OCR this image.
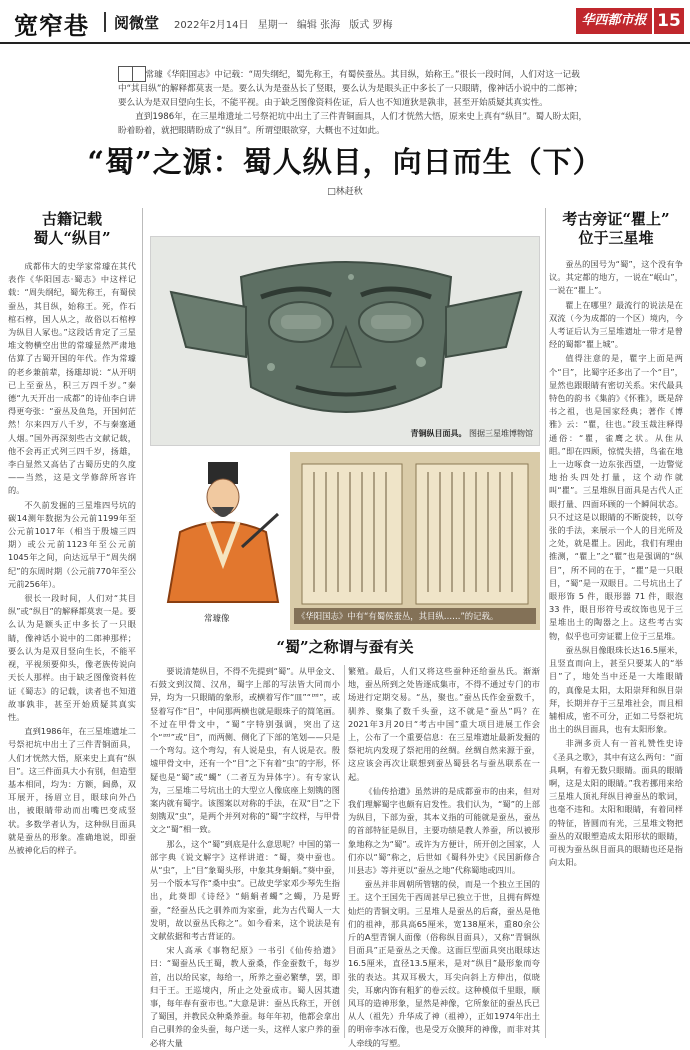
宽窄巷 阅微堂 2022年2月14日 星期一 编辑 张海 版式 罗梅	华西都市报 15

常璩《华阳国志》中记载：“周失纲纪，蜀先称王，有蜀侯蚕丛。其目纵，始称王。”很长一段时间，人们对这一记载中“其目纵”的解释都莫衷一是。要么认为是蚕丛长了竖眼，要么认为是眼头正中多长了一只眼睛，像神话小说中的二郎神；要么认为是双目望向生长，不能平视。由于缺乏图像资料佐证，后人也不知道狄是孰非，甚至开始质疑其真实性。

直到1986年，在三星堆遗址二号祭祀坑中出土了三件青铜面具，人们才恍然大悟，原来史上真有“纵目”。蜀人盼太阳，盼着盼着，就把眼睛盼成了“纵目”。所谓望眼欲穿，大概也不过如此。

“蜀”之源：蜀人纵目，向日而生（下）
□林赶秋
古籍记载
蜀人“纵目”

成都伟大的史学家常璩在其代表作《华阳国志·蜀志》中这样记载：“周失纲纪，蜀先称王，有蜀侯蚕丛，其目纵，始称王。死，作石棺石椁，国人从之，故俗以石棺椁为纵目人冢也。”这段话肯定了三星堆文物横空出世的常璩显然严肃地估算了古蜀开国的年代。作为常璩的老乡兼前辈，扬雄却说：“从开明已上至蚕丛，积三万四千岁。”秦德“九天开出一成都”的诗仙李白讲得更夸张：“蚕丛及鱼凫，开国何茫然！尔来四万八千岁，不与秦塞通人烟。”国外再深刻些古文献记载，他不会再正式列三四千岁，扬雄，李白显然又高估了古蜀历史的久度——当然，这是文学修辞所容许的。

不久前发掘的三星堆四号坑的碳14测年数据为公元前1199年至公元前1017年（相当于殷墟三四期）或公元前1123年至公元前1045年之间，向达远早于“周失纲纪”的东周时期（公元前770年至公元前256年）。

很长一段时间，人们对“其目纵”或“纵目”的解释都莫衷一是。要么认为是额头正中多长了一只眼睛，像神话小说中的二郎神那样；要么认为是双目竖向生长，不能平视，平视须要仰头，像老族传说向天长人那样。由于缺乏图像资料佐证《蜀志》的记载，读者也不知道故事孰非，甚至开始质疑其真实性。

直到1986年，在三星堆遗址二号祭祀坑中出土了三件青铜面具，人们才恍然大悟，原来史上真有“纵目”。这三件面具大小有别，但造型基本相同，均为：方额，阔鼻，双耳展开，扬眉立目，眼球向外凸出，被眼睛带动而出嘴巴变成竖状。多数学者认为，这种纵目面具就是蚕丛的形象。准确地说，即蚕丛被神化后的样子。

青铜纵目面具。 图据三星堆博物馆
常璩像	《华阳国志》中有“有蜀侯蚕丛，其目纵……”的记载。
“蜀”之称谓与蚕有关

要说清楚纵目，不得不先提到“蜀”。从甲金文、石鼓文到汉简、汉帛，蜀字上部的写法皆大同而小异，均为一只眼睛的象形，或横着写作“皿”“罒”，或竖着写作“目”，中间那两横也就是眼珠子的简笔画。不过在甲骨文中，“蜀”字特别强调，突出了这个“罒”或“目”，而两侧、侧化了下部的笔划——只是一个弯勾。这个弯勾，有人说是虫，有人说是衣。殷墟甲骨文中，还有一个“目”之下有着“虫”的字形，怀疑也是“蜀”或“蠋”（二者互为异体字）。有专家认为，三星堆二号坑出土的大型立人像底座上刻镌的图案内就有蜀字。该图案以对称的手法，在双“目”之下刻镌双“虫”，是两个并列对称的“蜀”字纹样，与甲骨文之“蜀”相一致。

那么，这个“蜀”到底是什么意思呢？中国的第一部字典《说文解字》这样讲道：“蜀，葵中蚕也。从“虫”，上“目”象蜀头形，中象其身蜎蜎。”葵中蚕，另一个版本写作“桑中虫”。已故史学家邓少琴先生指出，此葵即《诗经》“蜎蜎者蠋”之蠋，乃是野蚕，“经蚕丛氏之驯养而为家蚕，此为古代蜀人一大发明，故以蚕丛氏称之”。如今看来，这个说法是有文献依据和考古背证的。

宋人高承《事物纪原》一书引《仙传拾遗》曰：“蜀蚕丛氏王蜀，教人蚕桑，作金蚕数千，每岁首，出以给民家，每给一，所养之蚕必繁孳，罢，即归于王。王巡境内，所止之处蚕成市。蜀人因其遗事，每年春有蚕市也。”大意是讲：蚕丛氏称王，开创了蜀国，并教民众种桑养蚕。每年年初，他都会拿出自己驯养的金头蚕，每户送一头，这样人家户养的蚕必将大量

繁殖。最后，人们又将这些蚕种还给蚕丛氏。渐渐地，蚕丛所到之处皆逐成集市，不得不通过专门的市场进行定期交易。“丛，聚也。”蚕丛氏作金蚕数千，驯养、聚集了数千头蚕，这不就是“蚕丛”吗？在2021年3月20日“考古中国”重大项目进展工作会上，公布了一个重要信息：在三星堆遗址最新发掘的祭祀坑内发现了祭祀用的丝绸。丝绸自然来源于蚕，这应该会再次让联想到蚕丛蜀县名与蚕丛联系在一起。

《仙传拾遗》虽然讲的是成都蚕市的由来，但对我们理解蜀字也颇有启发性。我们认为，“蜀”的上部为纵目，下部为蚕，其本义指的可能就是蚕丛，蚕丛的首部特征是纵目，主要功绩是教人养蚕，所以被形象地称之为“蜀”。或许为方便计，所开创之国家，人们亦以“蜀”称之，后世如《蜀科外史》《民国新修合川县志》等并更以“蚕丛之地”代称蜀地或四川。

蚕丛并非周朝所管辖的侯，而是一个独立王国的王。这个王国先于西周甚早已独立于世，且拥有辉煌灿烂的青铜文明。三星堆人是蚕丛的后裔，蚕丛是他们的祖神，那具高65厘米，宽138厘米，重80余公斤的A型青铜人面像（俗称纵目面具），又称“青铜纵目面具”正是蚕丛之天像。这面巨型面具突出眼球达16.5厘米，直径13.5厘米，是对“纵目”最形象而夸张的表达。其双耳极大，耳尖向斜上方伸出，似晓尖，耳廓内饰有粗犷的卷云纹。这种模似千里眼，顺风耳的造神形象，显然是神像，它所象征的蚕丛氏已从人（祖先）升华成了神（祖神），正如1974年出土的明帝李冰石像，也是受万众膜拜的神像，而非对其人牵线的写塑。

考古旁证“瞿上”
位于三星堆

蚕丛的国号为“蜀”，这个没有争议。其定都的地方，一说在“岷山”，一说在“瞿上”。

瞿上在哪里？最流行的说法是在双流（今为成都的一个区）境内，今人考证后认为三星堆遗址一带才是曾经的蜀都“瞿上城”。

值得注意的是，瞿字上面是两个“目”，比蜀字还多出了一个“目”，显然也跟眼睛有密切关系。宋代最具特色的韵书《集韵》《怀雅》，既是辞书之祖，也是国家经典；著作《博雅》云：“瞿，往也。”段玉裁注释得通俗：“瞿，雀鹰之状。从隹从䀠。”即在四顾，惊慌失措，鸟雀在地上一边啄食一边东张西望，一边警觉地抬头四处打量，这个动作就叫“瞿”。三星堆纵目面具是古代人正眼打量、四面环顾的一个瞬间状态。只不过这是以眼睛的不断旋转，以夸张的手法，来展示一个人的目光所及之处，就是瞿上。因此，我们有理由推测，“瞿上”之“瞿”也是强调的“纵目”，所不同的在于，“瞿”是一只眼目，“蜀”是一双眼目。二号坑出土了眼形饰 5 件，眼形器 71 件，眼泡 33 件，眼目形符号或纹饰也见于三星堆出土的陶器之上。这些考古实物，似乎也可旁证瞿上位于三星堆。

蚕丛纵目像眼珠长达16.5厘米，且竖直而向上，甚至只要某人的“举目”了，地处当中还是一大堆眼睛的，真像是太阳，太阳崇拜和纵目崇拜，长期并存于三星堆社会，而且相辅相成，密不可分，正如二号祭祀坑出土的纵目面具，也有太阳形象。

非洲多贡人有一首礼赞性史诗《圣具之歌》，其中有这么两句：“面具啊，有着无数只眼睛。面具的眼睛啊，这是太阳的眼睛。”我若挪用来给三星堆人顶礼拜纵目神蚕丛的歌词，也毫不违和。太阳和眼睛，有着同样的特征，皆圆而有光，三星堆文物把蚕丛的双眼塑造成太阳形状的眼睛，可视为蚕丛纵目面具的眼睛也还是指向太阳。
